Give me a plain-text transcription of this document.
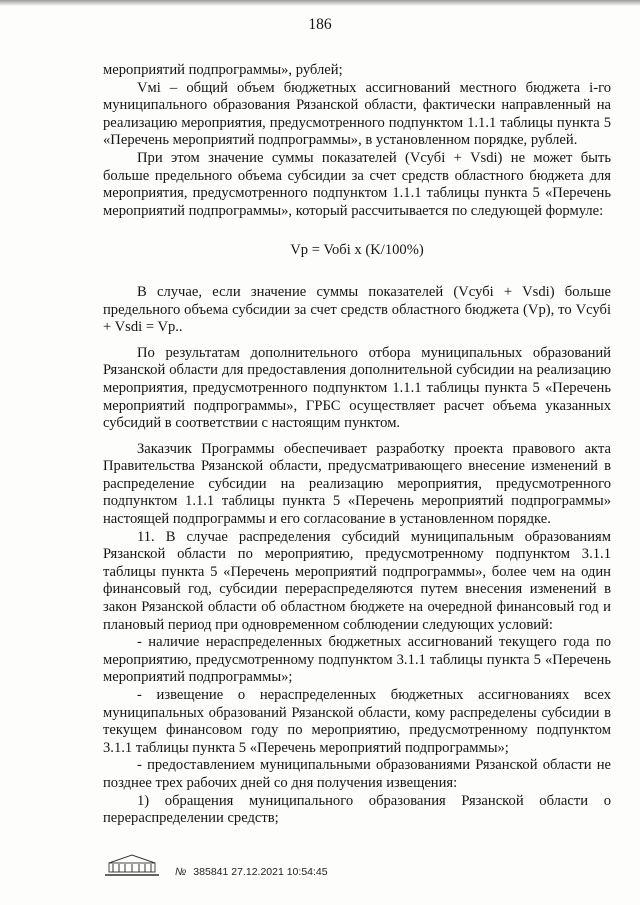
186

мероприятий подпрограммы», рублей;

Vмi – общий объем бюджетных ассигнований местного бюджета i-го муниципального образования Рязанской области, фактически направленный на реализацию мероприятия, предусмотренного подпунктом 1.1.1 таблицы пункта 5 «Перечень мероприятий подпрограммы», в установленном порядке, рублей.

При этом значение суммы показателей (Vсубi + Vsdi) не может быть больше предельного объема субсидии за счет средств областного бюджета для мероприятия, предусмотренного подпунктом 1.1.1 таблицы пункта 5 «Перечень мероприятий подпрограммы», который рассчитывается по следующей формуле:

Vp = Voбi x (K/100%)

В случае, если значение суммы показателей (Vсубi + Vsdi) больше предельного объема субсидии за счет средств областного бюджета (Vp), то Vсубi + Vsdi = Vp..

По результатам дополнительного отбора муниципальных образований Рязанской области для предоставления дополнительной субсидии на реализацию мероприятия, предусмотренного подпунктом 1.1.1 таблицы пункта 5 «Перечень мероприятий подпрограммы», ГРБС осуществляет расчет объема указанных субсидий в соответствии с настоящим пунктом.

Заказчик Программы обеспечивает разработку проекта правового акта Правительства Рязанской области, предусматривающего внесение изменений в распределение субсидии на реализацию мероприятия, предусмотренного подпунктом 1.1.1 таблицы пункта 5 «Перечень мероприятий подпрограммы» настоящей подпрограммы и его согласование в установленном порядке.

11. В случае распределения субсидий муниципальным образованиям Рязанской области по мероприятию, предусмотренному подпунктом 3.1.1 таблицы пункта 5 «Перечень мероприятий подпрограммы», более чем на один финансовый год, субсидии перераспределяются путем внесения изменений в закон Рязанской области об областном бюджете на очередной финансовый год и плановый период при одновременном соблюдении следующих условий:

- наличие нераспределенных бюджетных ассигнований текущего года по мероприятию, предусмотренному подпунктом 3.1.1 таблицы пункта 5 «Перечень мероприятий подпрограммы»;

- извещение о нераспределенных бюджетных ассигнованиях всех муниципальных образований Рязанской области, кому распределены субсидии в текущем финансовом году по мероприятию, предусмотренному подпунктом 3.1.1 таблицы пункта 5 «Перечень мероприятий подпрограммы»;

- предоставлением муниципальными образованиями Рязанской области не позднее трех рабочих дней со дня получения извещения:

1) обращения муниципального образования Рязанской области о перераспределении средств;

№ 385841 27.12.2021 10:54:45
